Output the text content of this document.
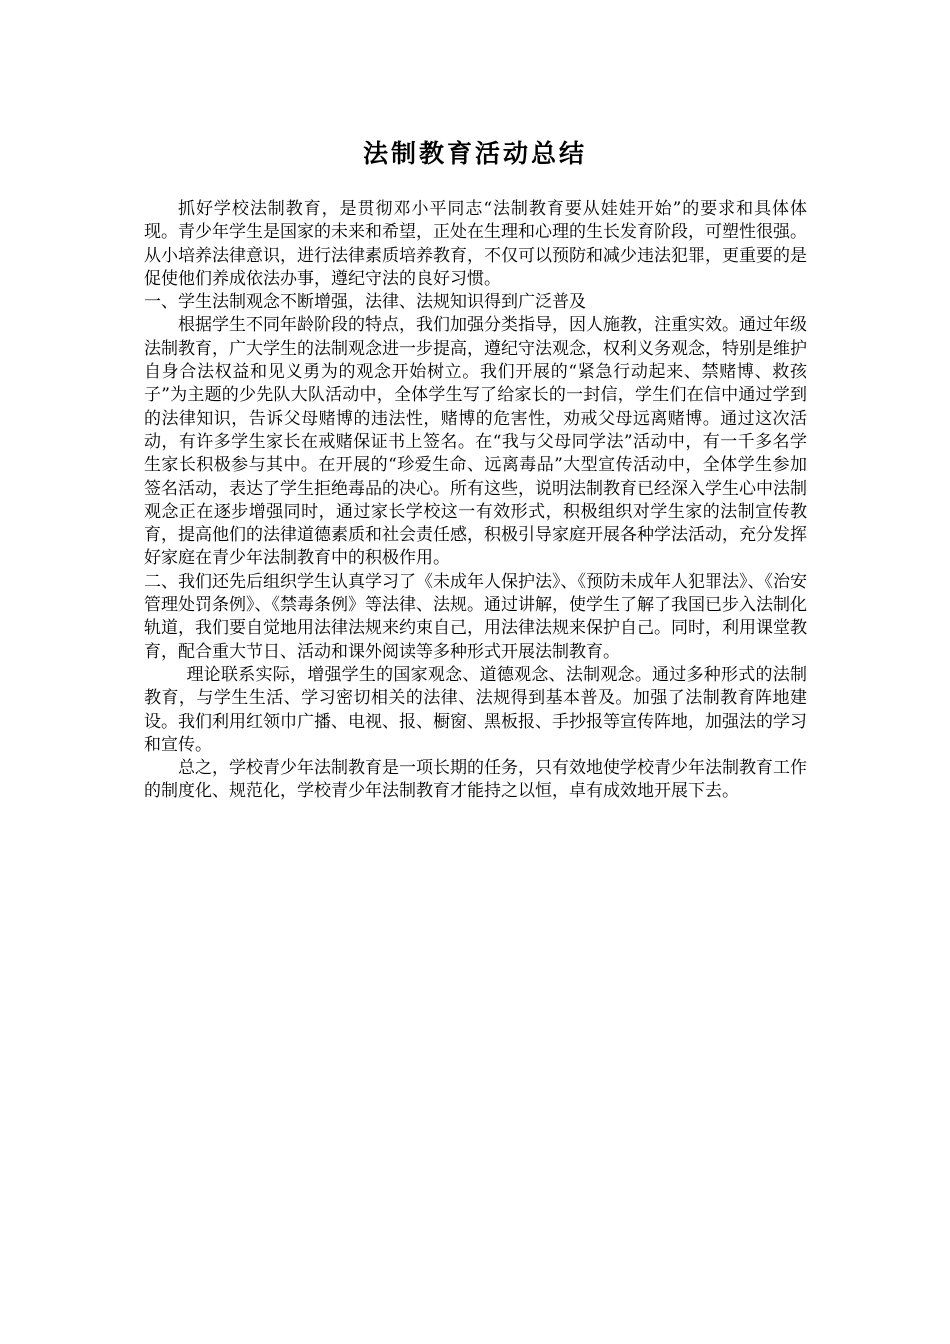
法制教育活动总结

抓好学校法制教育，是贯彻邓小平同志“法制教育要从娃娃开始”的要求和具体体现。青少年学生是国家的未来和希望，正处在生理和心理的生长发育阶段，可塑性很强。从小培养法律意识，进行法律素质培养教育，不仅可以预防和减少违法犯罪，更重要的是促使他们养成依法办事，遵纪守法的良好习惯。

一、学生法制观念不断增强，法律、法规知识得到广泛普及

根据学生不同年龄阶段的特点，我们加强分类指导，因人施教，注重实效。通过年级法制教育，广大学生的法制观念进一步提高，遵纪守法观念，权利义务观念，特别是维护自身合法权益和见义勇为的观念开始树立。我们开展的“紧急行动起来、禁赌博、救孩子”为主题的少先队大队活动中，全体学生写了给家长的一封信，学生们在信中通过学到的法律知识，告诉父母赌博的违法性，赌博的危害性，劝戒父母远离赌博。通过这次活动，有许多学生家长在戒赌保证书上签名。在“我与父母同学法”活动中，有一千多名学生家长积极参与其中。在开展的“珍爱生命、远离毒品”大型宣传活动中，全体学生参加签名活动，表达了学生拒绝毒品的决心。所有这些，说明法制教育已经深入学生心中法制观念正在逐步增强同时，通过家长学校这一有效形式，积极组织对学生家的法制宣传教育，提高他们的法律道德素质和社会责任感，积极引导家庭开展各种学法活动，充分发挥好家庭在青少年法制教育中的积极作用。

二、我们还先后组织学生认真学习了《未成年人保护法》、《预防未成年人犯罪法》、《治安管理处罚条例》、《禁毒条例》等法律、法规。通过讲解，使学生了解了我国已步入法制化轨道，我们要自觉地用法律法规来约束自己，用法律法规来保护自己。同时，利用课堂教育，配合重大节日、活动和课外阅读等多种形式开展法制教育。

理论联系实际，增强学生的国家观念、道德观念、法制观念。通过多种形式的法制教育，与学生生活、学习密切相关的法律、法规得到基本普及。加强了法制教育阵地建设。我们利用红领巾广播、电视、报、橱窗、黑板报、手抄报等宣传阵地，加强法的学习和宣传。

总之，学校青少年法制教育是一项长期的任务，只有效地使学校青少年法制教育工作的制度化、规范化，学校青少年法制教育才能持之以恒，卓有成效地开展下去。
